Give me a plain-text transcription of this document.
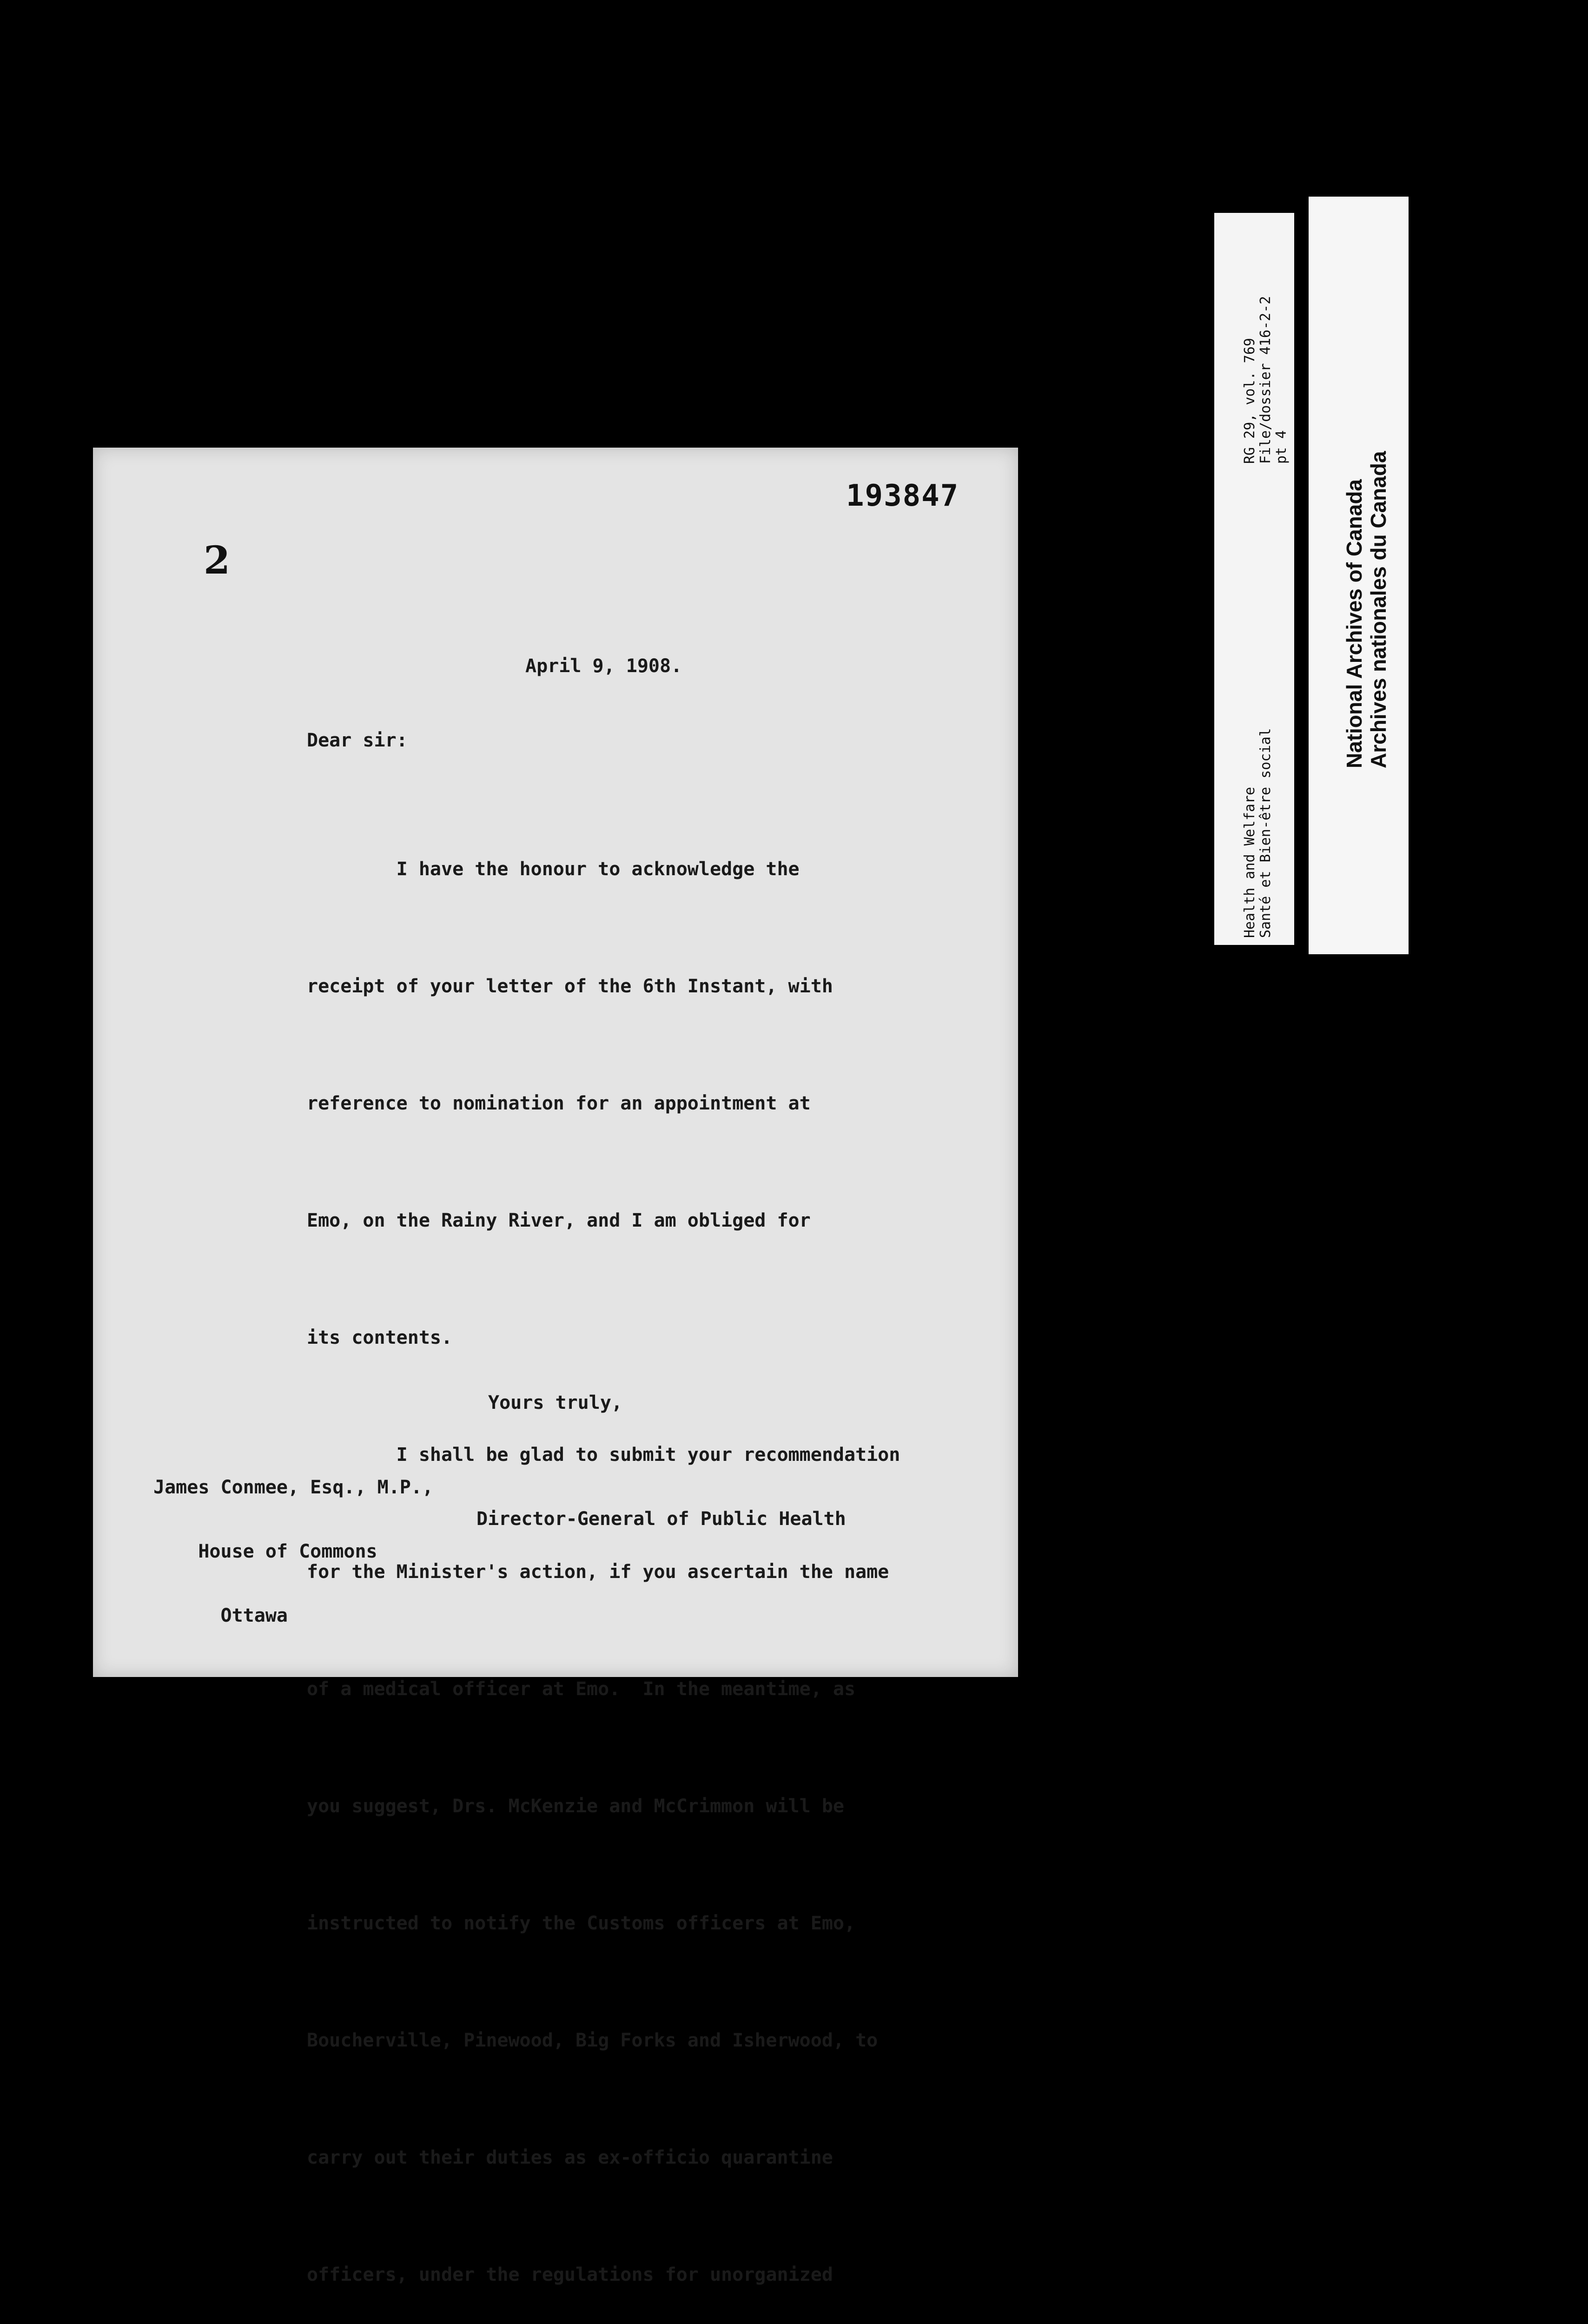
193847
2
April 9, 1908.
Dear sir:

I have the honour to acknowledge the

receipt of your letter of the 6th Instant, with

reference to nomination for an appointment at

Emo, on the Rainy River, and I am obliged for

its contents.

I shall be glad to submit your recommendation

for the Minister's action, if you ascertain the name

of a medical officer at Emo.  In the meantime, as

you suggest, Drs. McKenzie and McCrimmon will be

instructed to notify the Customs officers at Emo,

Boucherville, Pinewood, Big Forks and Isherwood, to

carry out their duties as ex-officio quarantine

officers, under the regulations for unorganized

Yours truly,

James Conmee, Esq., M.P.,

House of Commons

Ottawa

Director-General of Public Health
Health and Welfare Santé et Bien-être social
RG 29, vol. 769 File/dossier 416-2-2 pt 4
National Archives of Canada Archives nationales du Canada
